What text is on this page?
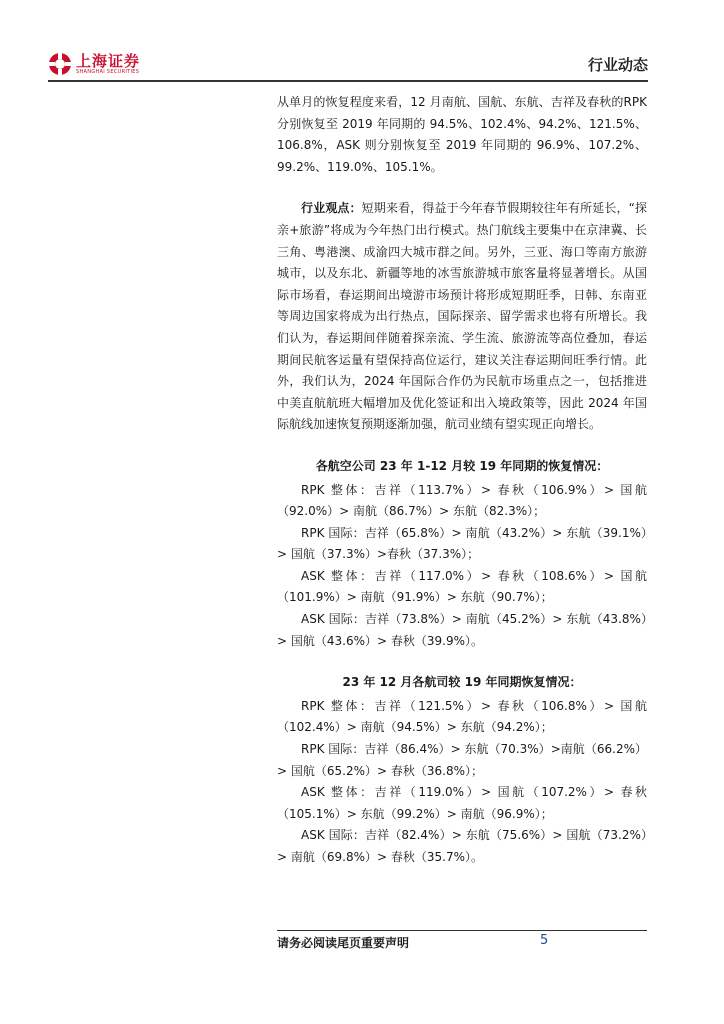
上海证券
SHANGHAI SECURITIES	行业动态

从单月的恢复程度来看，12 月南航、国航、东航、吉祥及春秋的RPK 分别恢复至 2019 年同期的 94.5%、102.4%、94.2%、121.5%、106.8%，ASK 则分别恢复至 2019 年同期的 96.9%、107.2%、99.2%、119.0%、105.1%。

行业观点：短期来看，得益于今年春节假期较往年有所延长，“探亲+旅游”将成为今年热门出行模式。热门航线主要集中在京津冀、长三角、粤港澳、成渝四大城市群之间。另外，三亚、海口等南方旅游城市，以及东北、新疆等地的冰雪旅游城市旅客量将显著增长。从国际市场看，春运期间出境游市场预计将形成短期旺季，日韩、东南亚等周边国家将成为出行热点，国际探亲、留学需求也将有所增长。我们认为，春运期间伴随着探亲流、学生流、旅游流等高位叠加，春运期间民航客运量有望保持高位运行，建议关注春运期间旺季行情。此外，我们认为，2024 年国际合作仍为民航市场重点之一，包括推进中美直航航班大幅增加及优化签证和出入境政策等，因此 2024 年国际航线加速恢复预期逐渐加强，航司业绩有望实现正向增长。

各航空公司 23 年 1-12 月较 19 年同期的恢复情况：

RPK 整体：吉祥（113.7%）> 春秋（106.9%）> 国航（92.0%）> 南航（86.7%）> 东航（82.3%）；

RPK 国际：吉祥（65.8%）> 南航（43.2%）> 东航（39.1%）> 国航（37.3%）>春秋（37.3%）；

ASK 整体：吉祥（117.0%）> 春秋（108.6%）> 国航（101.9%）> 南航（91.9%）> 东航（90.7%）；

ASK 国际：吉祥（73.8%）> 南航（45.2%）> 东航（43.8%）> 国航（43.6%）> 春秋（39.9%）。

23 年 12 月各航司较 19 年同期恢复情况：

RPK 整体：吉祥（121.5%）> 春秋（106.8%）> 国航（102.4%）> 南航（94.5%）> 东航（94.2%）；

RPK 国际：吉祥（86.4%）> 东航（70.3%）>南航（66.2%）> 国航（65.2%）> 春秋（36.8%）；

ASK 整体：吉祥（119.0%）> 国航（107.2%）> 春秋（105.1%）> 东航（99.2%）> 南航（96.9%）；

ASK 国际：吉祥（82.4%）> 东航（75.6%）> 国航（73.2%）> 南航（69.8%）> 春秋（35.7%）。

请务必阅读尾页重要声明	5
